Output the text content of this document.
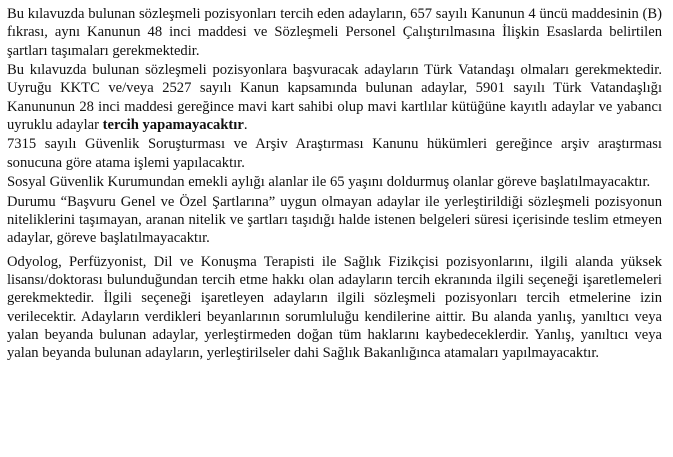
Bu kılavuzda bulunan sözleşmeli pozisyonları tercih eden adayların, 657 sayılı Kanunun 4 üncü maddesinin (B) fıkrası, aynı Kanunun 48 inci maddesi ve Sözleşmeli Personel Çalıştırılmasına İlişkin Esaslarda belirtilen şartları taşımaları gerekmektedir.

Bu kılavuzda bulunan sözleşmeli pozisyonlara başvuracak adayların Türk Vatandaşı olmaları gerekmektedir. Uyruğu KKTC ve/veya 2527 sayılı Kanun kapsamında bulunan adaylar, 5901 sayılı Türk Vatandaşlığı Kanununun 28 inci maddesi gereğince mavi kart sahibi olup mavi kartlılar kütüğüne kayıtlı adaylar ve yabancı uyruklu adaylar tercih yapamayacaktır.

7315 sayılı Güvenlik Soruşturması ve Arşiv Araştırması Kanunu hükümleri gereğince arşiv araştırması sonucuna göre atama işlemi yapılacaktır.

Sosyal Güvenlik Kurumundan emekli aylığı alanlar ile 65 yaşını doldurmuş olanlar göreve başlatılmayacaktır.

Durumu “Başvuru Genel ve Özel Şartlarına” uygun olmayan adaylar ile yerleştirildiği sözleşmeli pozisyonun niteliklerini taşımayan, aranan nitelik ve şartları taşıdığı halde istenen belgeleri süresi içerisinde teslim etmeyen adaylar, göreve başlatılmayacaktır.

Odyolog, Perfüzyonist, Dil ve Konuşma Terapisti ile Sağlık Fizikçisi pozisyonlarını, ilgili alanda yüksek lisansı/doktorası bulunduğundan tercih etme hakkı olan adayların tercih ekranında ilgili seçeneği işaretlemeleri gerekmektedir. İlgili seçeneği işaretleyen adayların ilgili sözleşmeli pozisyonları tercih etmelerine izin verilecektir. Adayların verdikleri beyanlarının sorumluluğu kendilerine aittir. Bu alanda yanlış, yanıltıcı veya yalan beyanda bulunan adaylar, yerleştirmeden doğan tüm haklarını kaybedeceklerdir. Yanlış, yanıltıcı veya yalan beyanda bulunan adayların, yerleştirilseler dahi Sağlık Bakanlığınca atamaları yapılmayacaktır.
